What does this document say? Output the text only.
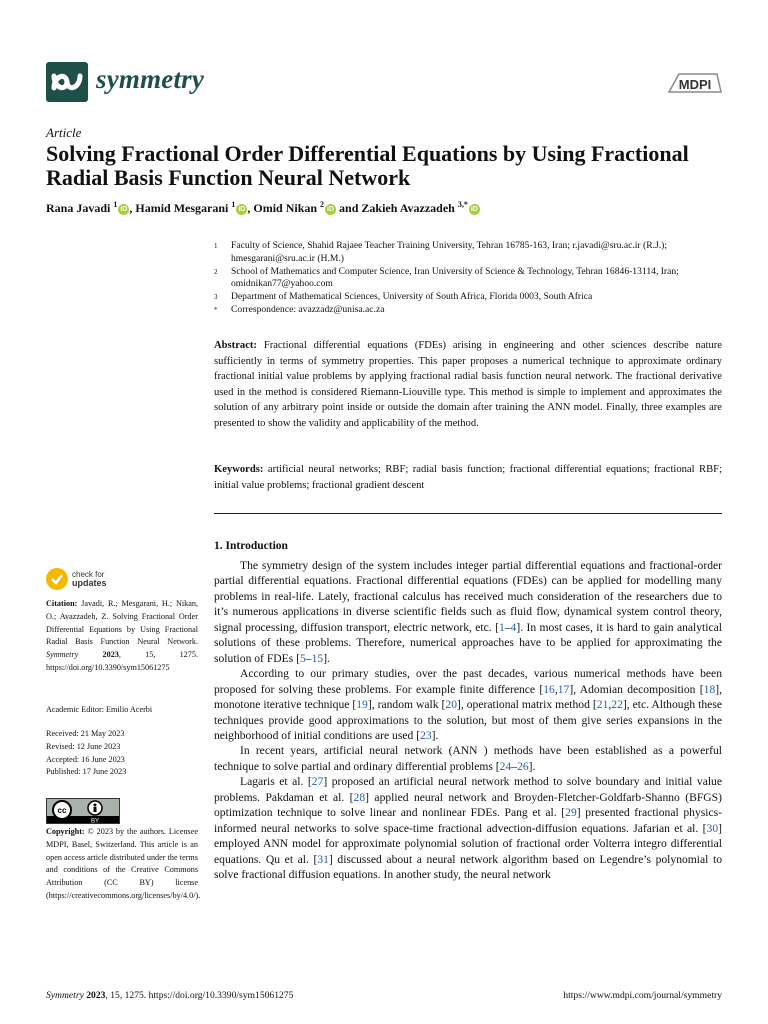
symmetry	MDPI
Article
Solving Fractional Order Differential Equations by Using Fractional Radial Basis Function Neural Network
Rana Javadi $^1$iD , Hamid Mesgarani $^1$iD , Omid Nikan $^2$iD and Zakieh Avazzadeh $^{3,*}$iD
1	Faculty of Science, Shahid Rajaee Teacher Training University, Tehran 16785-163, Iran; r.javadi@sru.ac.ir (R.J.); hmesgarani@sru.ac.ir (H.M.)
2	School of Mathematics and Computer Science, Iran University of Science & Technology, Tehran 16846-13114, Iran; omidnikan77@yahoo.com
3	Department of Mathematical Sciences, University of South Africa, Florida 0003, South Africa
*	Correspondence: avazzadz@unisa.ac.za
Abstract: Fractional differential equations (FDEs) arising in engineering and other sciences describe nature sufficiently in terms of symmetry properties. This paper proposes a numerical technique to approximate ordinary fractional initial value problems by applying fractional radial basis function neural network. The fractional derivative used in the method is considered Riemann-Liouville type. This method is simple to implement and approximates the solution of any arbitrary point inside or outside the domain after training the ANN model. Finally, three examples are presented to show the validity and applicability of the method.
Keywords: artificial neural networks; RBF; radial basis function; fractional differential equations; fractional RBF; initial value problems; fractional gradient descent
1. Introduction

The symmetry design of the system includes integer partial differential equations and fractional-order partial differential equations. Fractional differential equations (FDEs) can be applied for modelling many problems in real-life. Lately, fractional calculus has received much consideration of the researchers due to it’s numerous applications in diverse scientific fields such as fluid flow, dynamical system control theory, signal processing, diffusion transport, electric network, etc. [1–4]. In most cases, it is hard to gain analytical solutions of these problems. Therefore, numerical approaches have to be applied for approximating the solution of FDEs [5–15].

According to our primary studies, over the past decades, various numerical methods have been proposed for solving these problems. For example finite difference [16,17], Adomian decomposition [18], monotone iterative technique [19], random walk [20], operational matrix method [21,22], etc. Although these techniques provide good approximations to the solution, but most of them give series expansions in the neighborhood of initial conditions are used [23].

In recent years, artificial neural network (ANN ) methods have been established as a powerful technique to solve partial and ordinary differential problems [24–26].

Lagaris et al. [27] proposed an artificial neural network method to solve boundary and initial value problems. Pakdaman et al. [28] applied neural network and Broyden-Fletcher-Goldfarb-Shanno (BFGS) optimization technique to solve linear and nonlinear FDEs. Pang et al. [29] presented fractional physics-informed neural networks to solve space-time fractional advection-diffusion equations. Jafarian et al. [30] employed ANN model for approximate polynomial solution of fractional order Volterra integro differential equations. Qu et al. [31] discussed about a neural network algorithm based on Legendre’s polynomial to solve fractional diffusion equations. In another study, the neural network

check for
updates
Citation: Javadi, R.; Mesgarani, H.; Nikan, O.; Avazzadeh, Z. Solving Fractional Order Differential Equations by Using Fractional Radial Basis Function Neural Network. Symmetry 2023, 15, 1275. https://doi.org/10.3390/sym15061275
Academic Editor: Emilio Acerbi
Received: 21 May 2023
Revised: 12 June 2023
Accepted: 16 June 2023
Published: 17 June 2023
cc
BY
Copyright: © 2023 by the authors. Licensee MDPI, Basel, Switzerland. This article is an open access article distributed under the terms and conditions of the Creative Commons Attribution (CC BY) license (https://creativecommons.org/licenses/by/4.0/).
Symmetry 2023, 15, 1275. https://doi.org/10.3390/sym15061275	https://www.mdpi.com/journal/symmetry
